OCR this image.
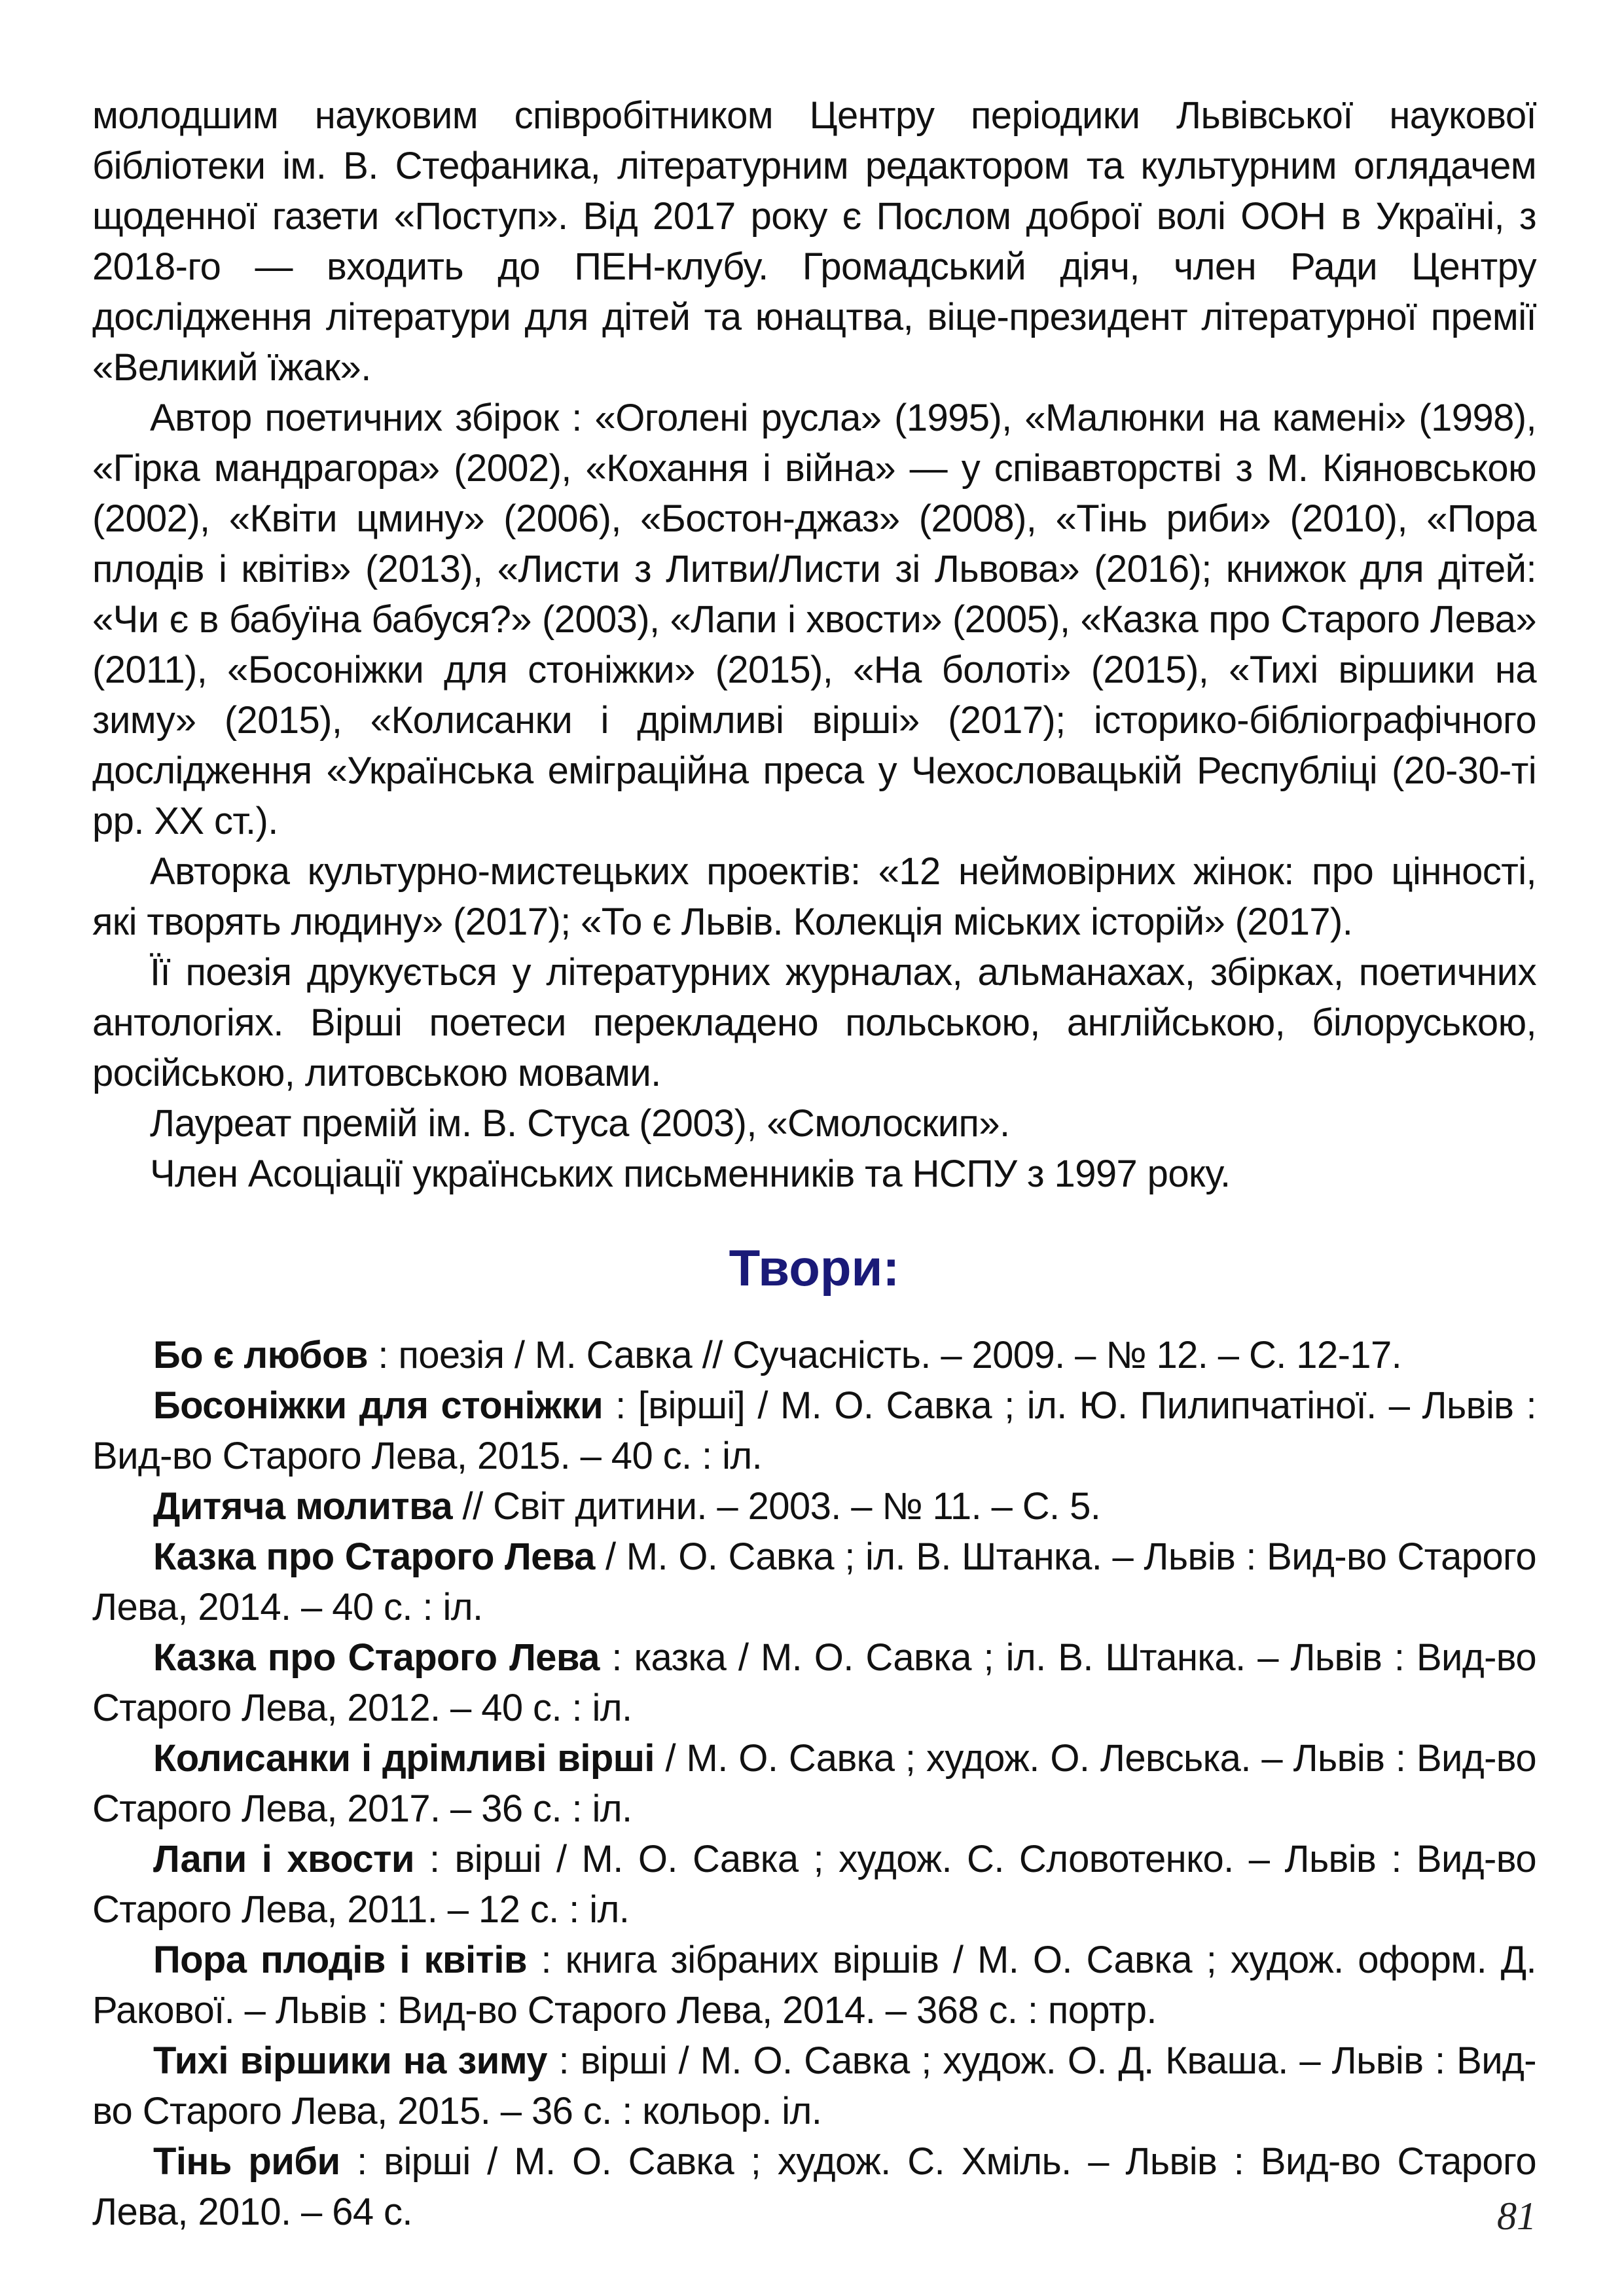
молодшим науковим співробітником Центру періодики Львівської наукової бібліотеки ім. В. Стефаника, літературним редактором та культурним оглядачем щоденної газети «Поступ». Від 2017 року є Послом доброї волі ООН в Україні, з 2018-го — входить до ПЕН-клубу. Громадський діяч, член Ради Центру дослідження літератури для дітей та юнацтва, віце-президент літературної премії «Великий їжак».

Автор поетичних збірок : «Оголені русла» (1995), «Малюнки на камені» (1998), «Гірка мандрагора» (2002), «Кохання і війна» — у співавторстві з М. Кіяновською (2002), «Квіти цмину» (2006), «Бостон-джаз» (2008), «Тінь риби» (2010), «Пора плодів і квітів» (2013), «Листи з Литви/Листи зі Львова» (2016); книжок для дітей: «Чи є в бабуїна бабуся?» (2003), «Лапи і хвости» (2005), «Казка про Старого Лева» (2011), «Босоніжки для стоніжки» (2015), «На болоті» (2015), «Тихі віршики на зиму» (2015), «Колисанки і дрімливі вірші» (2017); історико-бібліографічного дослідження «Українська еміграційна преса у Чехословацькій Республіці (20-30-ті рр. ХХ ст.).

Авторка культурно-мистецьких проектів: «12 неймовірних жінок: про цінності, які творять людину» (2017); «То є Львів. Колекція міських історій» (2017).

Її поезія друкується у літературних журналах, альманахах, збірках, поетичних антологіях. Вірші поетеси перекладено польською, англійською, білоруською, російською, литовською мовами.

Лауреат премій ім. В. Стуса (2003), «Смолоскип».

Член Асоціації українських письменників та НСПУ з 1997 року.

Твори:
Бо є любов : поезія / М. Савка // Сучасність. – 2009. – № 12. – С. 12-17.
Босоніжки для стоніжки : [вірші] / М. О. Савка ; іл. Ю. Пилипчатіної. – Львів : Вид-во Старого Лева, 2015. – 40 с. : іл.
Дитяча молитва // Світ дитини. – 2003. – № 11. – С. 5.
Казка про Старого Лева / М. О. Савка ; іл. В. Штанка. – Львів : Вид-во Старого Лева, 2014. – 40 с. : іл.
Казка про Старого Лева : казка / М. О. Савка ; іл. В. Штанка. – Львів : Вид-во Старого Лева, 2012. – 40 с. : іл.
Колисанки і дрімливі вірші / М. О. Савка ; худож. О. Левська. – Львів : Вид-во Старого Лева, 2017. – 36 с. : іл.
Лапи і хвости : вірші / М. О. Савка ; худож. С. Словотенко. – Львів : Вид-во Старого Лева, 2011. – 12 с. : іл.
Пора плодів і квітів : книга зібраних віршів / М. О. Савка ; худож. оформ. Д. Ракової. – Львів : Вид-во Старого Лева, 2014. – 368 с. : портр.
Тихі віршики на зиму : вірші / М. О. Савка ; худож. О. Д. Кваша. – Львів : Вид-во Старого Лева, 2015. – 36 с. : кольор. іл.
Тінь риби : вірші / М. О. Савка ; худож. С. Хміль. – Львів : Вид-во Старого Лева, 2010. – 64 с.	81
